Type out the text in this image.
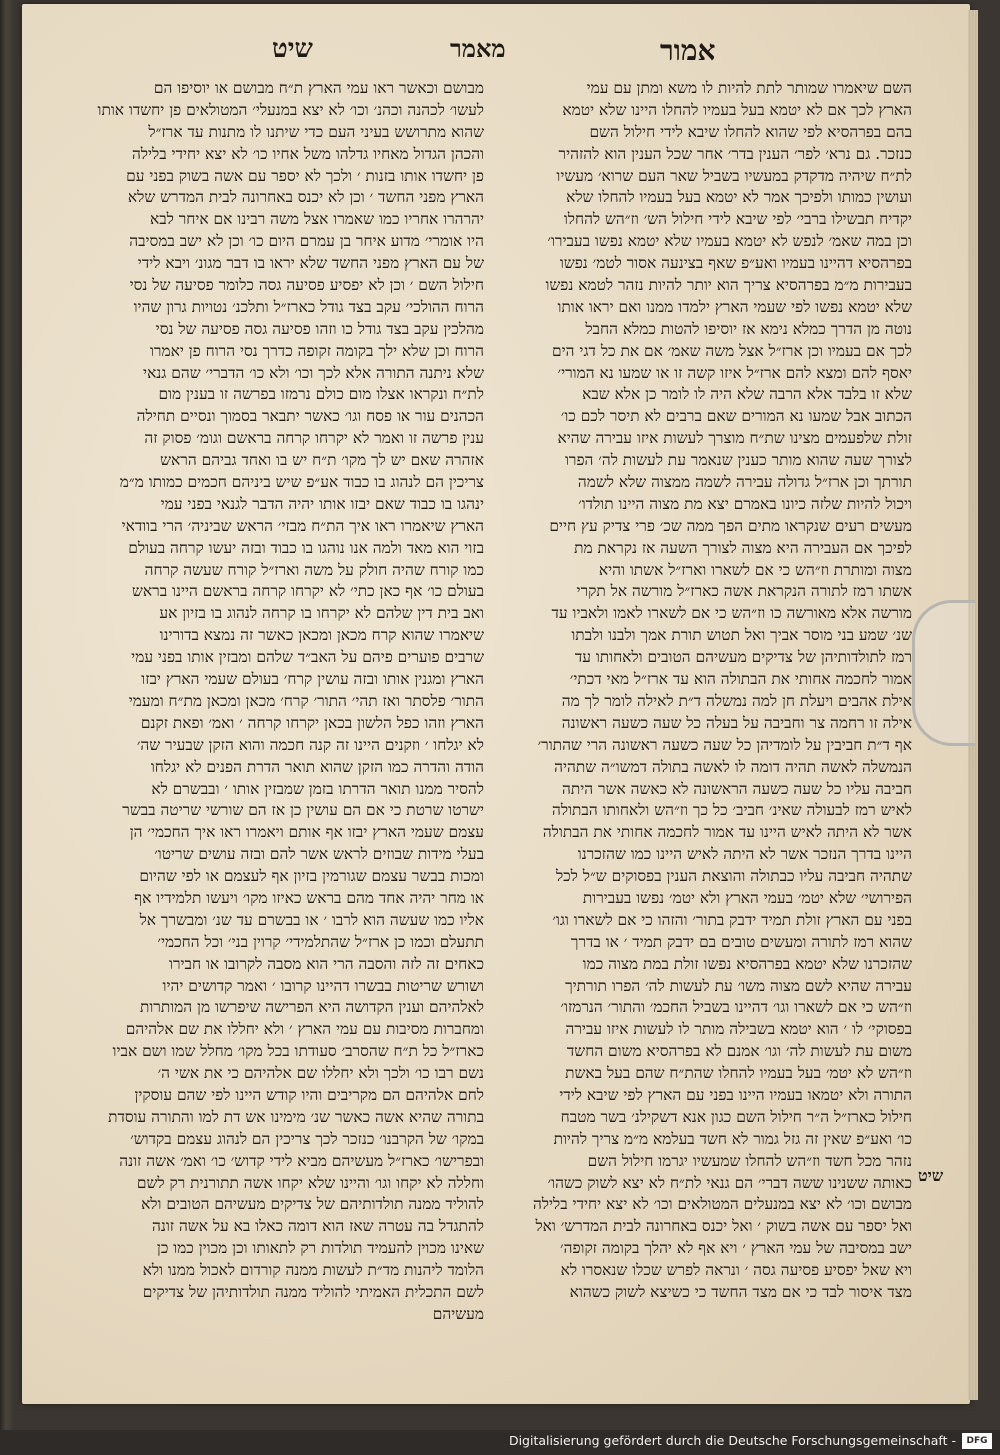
שיט	מאמר	אמור
השם שיאמרו שמותר לתת להיות לו משא ומתן עם עמי
הארץ לכך אם לא יטמא בעל בעמיו להחלו היינו שלא יטמא
בהם בפרהסיא לפי שהוא להחלו שיבא לידי חילול השם
כנזכר. גם נרא׳ לפר׳ הענין בדר׳ אחר שכל הענין הוא להזהיר
לת״ח שיהיה מדקדק במעשיו בשביל שאר העם שרוא׳ מעשיו
ועושין כמותו ולפיכך אמר לא יטמא בעל בעמיו להחלו שלא
יקדיח תבשילו ברבי׳ לפי שיבא לידי חילול הש׳ וז״הש להחלו
וכן במה שאמ׳ לנפש לא יטמא בעמיו שלא יטמא נפשו בעבירו׳
בפרהסיא דהיינו בעמיו ואע״פ שאף בצינעה אסור לטמ׳ נפשו
בעבירות מ״מ בפרהסיא צריך הוא יותר להיות נזהר לטמא נפשו
שלא יטמא נפשו לפי שעמי הארץ ילמדו ממנו ואם יראו אותו
נוטה מן הדרך כמלא נימא אז יוסיפו להטות כמלא החבל
לכך אם בעמיו וכן ארז״ל אצל משה שאמ׳ אם את כל דגי הים
יאסף להם ומצא להם ארז״ל איזו קשה זו או שמעו נא המורי׳
שלא זו בלבד אלא הרבה שלא היה לו לומר כן אלא שבא
הכתוב אבל שמעו נא המורים שאם ברבים לא תיסר לכם כו׳
זולת שלפעמים מצינו שת״ח מוצרך לעשות איזו עבירה שהיא
לצורך שעה שהוא מותר כענין שנאמר עת לעשות לה׳ הפרו
תורתך וכן ארז״ל גדולה עבירה לשמה ממצוה שלא לשמה
ויכול להיות שלזה כיונו באמרם יצא מת מצוה היינו תולדו׳
מעשים רעים שנקראו מתים הפך ממה שכ׳ פרי צדיק עץ חיים
לפיכך אם העבירה היא מצוה לצורך השעה אז נקראת מת
מצוה ומותרת וז״הש כי אם לשארו וארז״ל אשתו והיא
אשתו רמז לתורה הנקראת אשה כארז״ל מורשה אל תקרי
מורשה אלא מאורשה כו וז״הש כי אם לשארו לאמו ולאביו עד
שנ׳ שמע בני מוסר אביך ואל תטוש תורת אמך ולבנו ולבתו
רמז לתולדותיהן של צדיקים מעשיהם הטובים ולאחותו עד
אמור לחכמה אחותי את הבתולה הוא עד ארז״ל מאי דכתי׳
אילת אהבים ויעלת חן למה נמשלה ד״ת לאילה לומר לך מה
אילה זו רחמה צר וחביבה על בעלה כל שעה כשעה ראשונה
אף ד״ת חביבין על לומדיהן כל שעה כשעה ראשונה הרי שהתור׳
הנמשלה לאשה תהיה דומה לו לאשה בתולה דמשו״ה שתהיה
חביבה עליו כל שעה כשעה הראשונה לא כאשה אשר היתה
לאיש רמז לבעולה שאינ׳ חביב׳ כל כך וז״הש ולאחותו הבתולה
אשר לא היתה לאיש היינו עד אמור לחכמה אחותי את הבתולה
היינו בדרך הנזכר אשר לא היתה לאיש היינו כמו שהזכרנו
שתהיה חביבה עליו כבתולה והוצאת הענין בפסוקים ש״ל לכל
הפירושי׳ שלא יטמ׳ בעמי הארץ ולא יטמ׳ נפשו בעבירות
בפני עם הארץ זולת תמיד ידבק בתור׳ והזהו כי אם לשארו וגו׳
שהוא רמז לתורה ומעשים טובים בם ידבק תמיד ׳ או בדרך
שהזכרנו שלא יטמא בפרהסיא נפשו זולת במת מצוה כמו
עבירה שהיא לשם מצוה משו׳ עת לעשות לה׳ הפרו תורתיך
וז״הש כי אם לשארו וגו׳ דהיינו בשביל החכמ׳ והתור׳ הנרמזו׳
בפסוקי׳ לו ׳ הוא יטמא בשבילה מותר לו לעשות איזו עבירה
משום עת לעשות לה׳ וגו׳ אמנם לא בפרהסיא משום החשד
וז״הש לא יטמ׳ בעל בעמיו להחלו שהת״ח שהם בעל באשת
התורה ולא יטמאו בעמיו היינו בפני עם הארץ לפי שיבא לידי
חילול כארז״ל ה״ר חילול השם כגון אנא דשקילנ׳ בשר מטבח
כו׳ ואע״פ שאין זה גזל גמור לא חשד בעלמא מ״מ צריך להיות
נזהר מכל חשד וז״הש להחלו שמעשיו יגרמו חילול השם
כאותה ששנינו ששה דברי׳ הם גנאי לת״ח לא יצא לשוק כשהו׳
מבושם וכו׳ לא יצא במנעלים המטולאים וכו׳ לא יצא יחידי בלילה
ואל יספר עם אשה בשוק ׳ ואל יכנס באחרונה לבית המדרש׳ ואל
ישב במסיבה של עמי הארץ ׳ ויא אף לא יהלך בקומה זקופה׳
ויא שאל יפסיע פסיעה גסה ׳ ונראה לפרש שכלו שנאסרו לא
מצד איסור לבד כי אם מצד החשד כי כשיצא לשוק כשהוא
מבושם וכאשר ראו עמי הארץ ת״ח מבושם או יוסיפו הם
לעשו׳ לכהנה וכהנ׳ וכו׳ לא יצא במנעלי׳ המטולאים פן יחשדו אותו
שהוא מתרושש בעיני העם כדי שיתנו לו מתנות עד ארז״ל
והכהן הגדול מאחיו גדלהו משל אחיו כו׳ לא יצא יחידי בלילה
פן יחשדו אותו בזנות ׳ ולכך לא יספר עם אשה בשוק בפני עם
הארץ מפני החשד ׳ וכן לא יכנס באחרונה לבית המדרש שלא
יהרהרו אחריו כמו שאמרו אצל משה רבינו אם איחר לבא
היו אומרי׳ מדוע איחר בן עמרם היום כו׳ וכן לא ישב במסיבה
של עם הארץ מפני החשד שלא יראו בו דבר מגונ׳ ויבא לידי
חילול השם ׳ וכן לא יפסיע פסיעה גסה כלומר פסיעה של נסי
הרוח ההולכי׳ עקב בצד גודל כארז״ל ותלכנ׳ נטויות גרון שהיו
מהלכין עקב בצד גודל כו וזהו פסיעה גסה פסיעה של נסי
הרוח וכן שלא ילך בקומה זקופה כדרך נסי הרוח פן יאמרו
שלא ניתנה התורה אלא לכך וכו׳ ולא כו׳ הדברי׳ שהם גנאי
לת״ח ונקראו אצלו מום כולם נרמזו בפרשה זו בענין מום
הכהנים עור או פסח וגו׳ כאשר יתבאר בסמוך ונסיים תחילה
ענין פרשה זו ואמר לא יקרחו קרחה בראשם וגומ׳ פסוק זה
אזהרה שאם יש לך מקו׳ ת״ח יש בו ואחד גביהם הראש
צריכין הם לנהוג בו כבוד אע״פ שיש ביניהם חכמים כמותו מ״מ
ינהגו בו כבוד שאם יבזו אותו יהיה הדבר לגנאי בפני עמי
הארץ שיאמרו ראו איך הת״ח מבזי׳ הראש שביניה׳ הרי בוודאי
בזוי הוא מאד ולמה אנו נוהגו בו כבוד ובזה יעשו קרחה בעולם
כמו קורח שהיה חולק על משה וארז״ל קורח שעשה קרחה
בעולם כו׳ אף כאן כתי׳ לא יקרחו קרחה בראשם היינו בראש
ואב בית דין שלהם לא יקרחו בו קרחה לנהוג בו בזיון אע
שיאמרו שהוא קרח מכאן ומכאן כאשר זה נמצא בדורינו
שרבים פוערים פיהם על האב״ד שלהם ומבזין אותו בפני עמי
הארץ ומגנין אותו ובזה עושין קרח׳ בעולם שעמי הארץ יבזו
התור׳ פלסתר ואז תהי׳ התור׳ קרח׳ מכאן ומכאן מת״ח ומעמי
הארץ וזהו כפל הלשון בכאן יקרחו קרחה ׳ ואמ׳ ופאת זקנם
לא יגלחו ׳ וזקנים היינו זה קנה חכמה והוא הזקן שבעיר שה׳
הודה והדרה כמו הזקן שהוא תואר הדרת הפנים לא יגלחו
להסיר ממנו תואר הדרתו בזמן שמבזין אותו ׳ ובבשרם לא
ישרטו שרטת כי אם הם עושין כן אז הם שורשי שריטה בבשר
עצמם שעמי הארץ יבזו אף אותם ויאמרו ראו איך החכמי׳ הן
בעלי מידות שבוזים לראש אשר להם ובזה עושים שריטו׳
ומכות בבשר עצמם שגורמין בזיון אף לעצמם או לפי שהיום
או מחר יהיה אחד מהם בראש כאיזו מקו׳ ויעשו תלמידיו אף
אליו כמו שעשה הוא לרבו ׳ או בבשרם עד שנ׳ ומבשרך אל
תתעלם וכמו כן ארז״ל שהתלמידי׳ קרוין בני׳ וכל החכמי׳
כאחים זה לזה והסבה הרי הוא מסבה לקרובו או חבירו
ושורש שריטות בבשרו דהיינו קרובו ׳ ואמר קדושים יהיו
לאלהיהם וענין הקדושה היא הפרישה שיפרשו מן המותרות
ומחברות מסיבות עם עמי הארץ ׳ ולא יחללו את שם אלהיהם
כארז״ל כל ת״ח שהסרב׳ סעודתו בכל מקו׳ מחלל שמו ושם אביו
נשם רבו כו׳ ולכך ולא יחללו שם אלהיהם כי את אשי ה׳
לחם אלהיהם הם מקריבים והיו קודש היינו לפי שהם עוסקין
בתורה שהיא אשה כאשר שנ׳ מימינו אש דת למו והתורה עוסדת
במקו׳ של הקרבנו׳ כנזכר לכך צריכין הם לנהוג עצמם בקדוש׳
ובפרישו׳ כארז״ל מעשיהם מביא לידי קדוש׳ כו׳ ואמ׳ אשה זונה
וחללה לא יקחו וגו׳ והיינו שלא יקחו אשה תתורנית רק לשם
להוליד ממנה תולדותיהם של צדיקים מעשיהם הטובים ולא
להתגדל בה עטרה שאז הוא דומה כאלו בא על אשה זונה
שאינו מכוין להעמיד תולדות רק לתאותו וכן מכוין כמו כן
הלומד ליהנות מד״ת לעשות ממנה קורדום לאכול ממנו ולא
לשם התכלית האמיתי להוליד ממנה תולדותיהן של צדיקים
מעשיהם
שיט
Digitalisierung gefördert durch die Deutsche Forschungsgemeinschaft -	DFG
